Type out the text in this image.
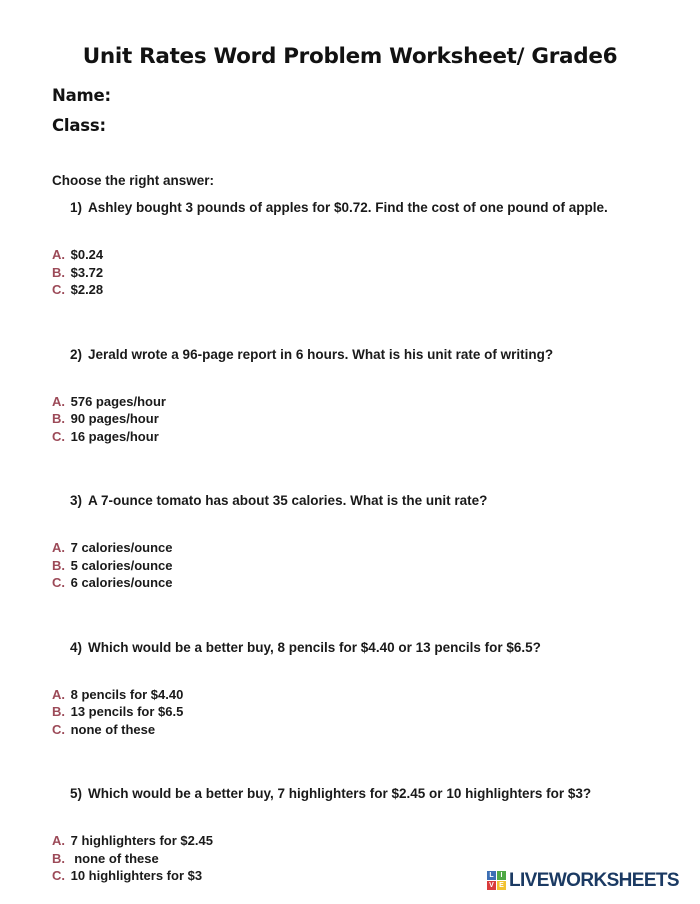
Unit Rates Word Problem Worksheet/ Grade6
Name:
Class:
Choose the right answer:
1) Ashley bought 3 pounds of apples for $0.72. Find the cost of one pound of apple.
A. $0.24
B. $3.72
C. $2.28
2) Jerald wrote a 96-page report in 6 hours. What is his unit rate of writing?
A. 576 pages/hour
B. 90 pages/hour
C. 16 pages/hour
3) A 7-ounce tomato has about 35 calories. What is the unit rate?
A. 7 calories/ounce
B. 5 calories/ounce
C. 6 calories/ounce
4) Which would be a better buy, 8 pencils for $4.40 or 13 pencils for $6.5?
A. 8 pencils for $4.40
B. 13 pencils for $6.5
C. none of these
5) Which would be a better buy, 7 highlighters for $2.45 or 10 highlighters for $3?
A. 7 highlighters for $2.45
B.  none of these
C. 10 highlighters for $3	L I
V E LIVEWORKSHEETS
